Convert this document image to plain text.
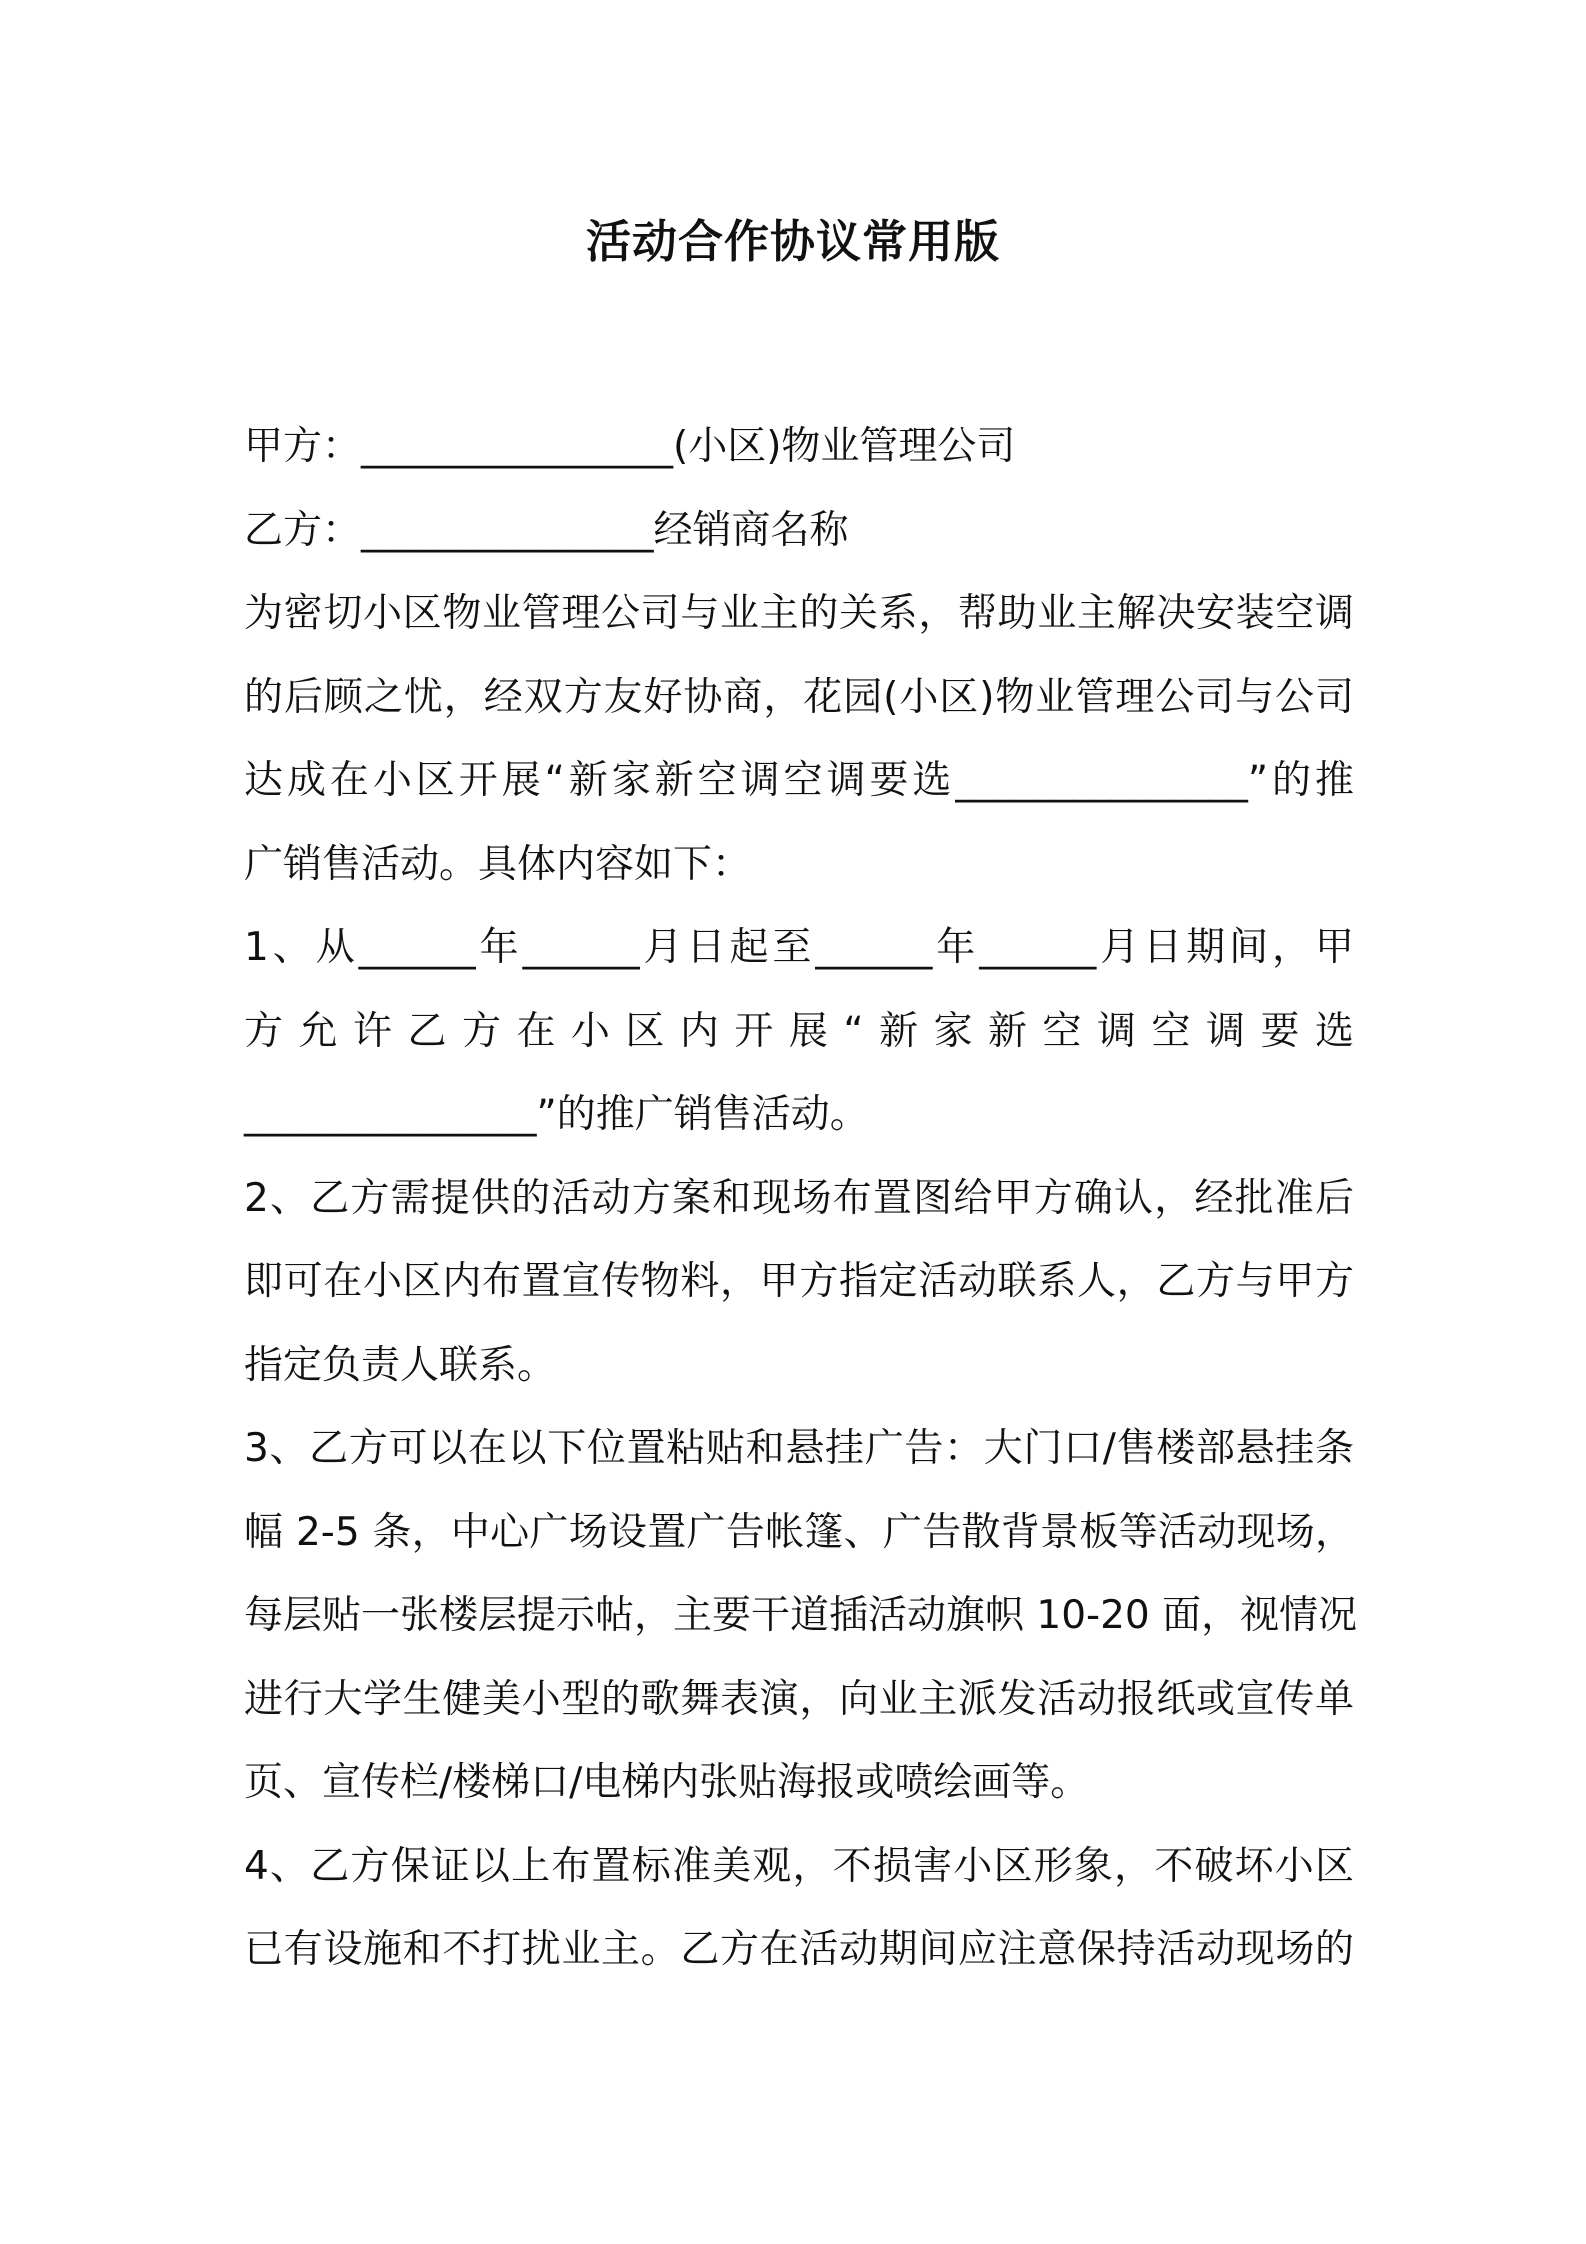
活动合作协议常用版
甲方：________________(小区)物业管理公司
乙方：_______________经销商名称
为密切小区物业管理公司与业主的关系，帮助业主解决安装空调
的后顾之忧，经双方友好协商，花园(小区)物业管理公司与公司
达成在小区开展“新家新空调空调要选_______________”的推
广销售活动。具体内容如下：
1、从______年______月日起至______年______月日期间，甲
方允许乙方在小区内开展“新家新空调空调要选
_______________”的推广销售活动。
2、乙方需提供的活动方案和现场布置图给甲方确认，经批准后
即可在小区内布置宣传物料，甲方指定活动联系人，乙方与甲方
指定负责人联系。
3、乙方可以在以下位置粘贴和悬挂广告：大门口/售楼部悬挂条
幅 2-5 条，中心广场设置广告帐篷、广告散背景板等活动现场，
每层贴一张楼层提示帖，主要干道插活动旗帜 10-20 面，视情况
进行大学生健美小型的歌舞表演，向业主派发活动报纸或宣传单
页、宣传栏/楼梯口/电梯内张贴海报或喷绘画等。
4、乙方保证以上布置标准美观，不损害小区形象，不破坏小区
已有设施和不打扰业主。乙方在活动期间应注意保持活动现场的
